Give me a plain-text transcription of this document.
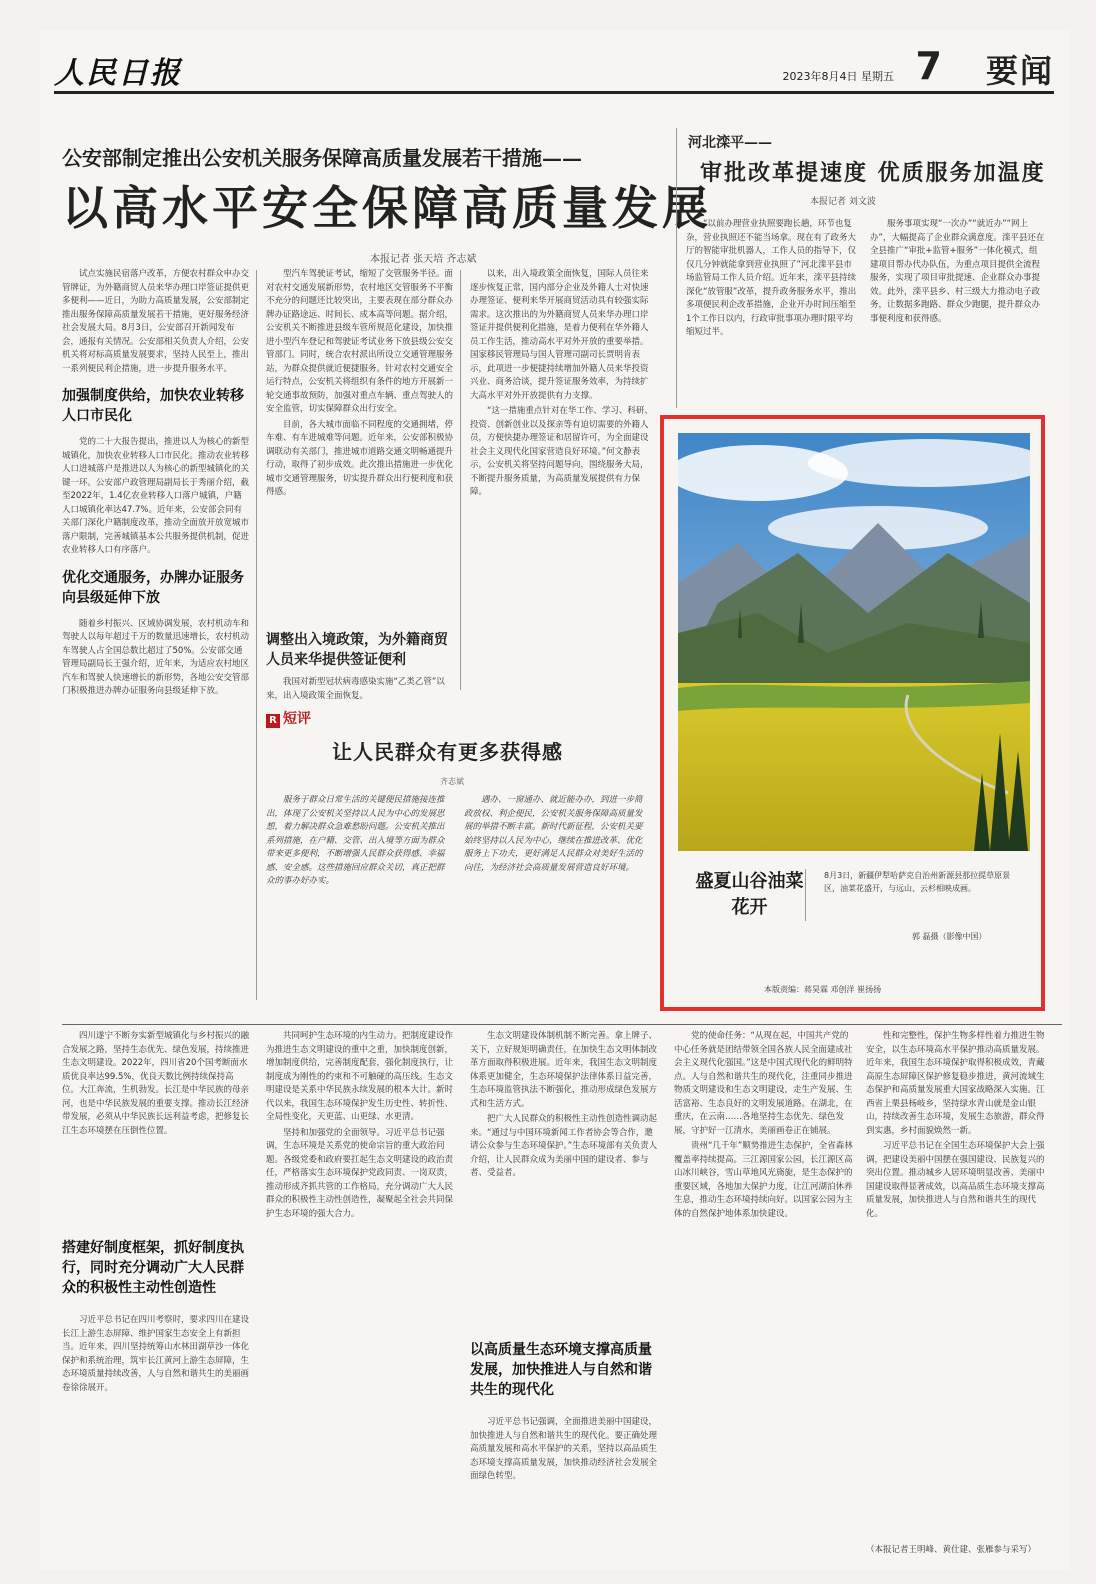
人民日报	2023年8月4日 星期五 7 要闻
公安部制定推出公安机关服务保障高质量发展若干措施——
以高水平安全保障高质量发展
本报记者 张天培 齐志斌

试点实施民宿落户改革，方便农村群众申办交管牌证，为外籍商贸人员来华办理口岸签证提供更多便利——近日，为助力高质量发展，公安部制定推出服务保障高质量发展若干措施，更好服务经济社会发展大局。8月3日，公安部召开新闻发布会，通报有关情况。公安部相关负责人介绍，公安机关将对标高质量发展要求，坚持人民至上，推出一系列便民利企措施，进一步提升服务水平。

加强制度供给，加快农业转移人口市民化

党的二十大报告提出，推进以人为核心的新型城镇化，加快农业转移人口市民化。推动农业转移人口进城落户是推进以人为核心的新型城镇化的关键一环。公安部户政管理局副局长于秀丽介绍，截至2022年，1.4亿农业转移人口落户城镇，户籍人口城镇化率达47.7%。近年来，公安部会同有关部门深化户籍制度改革，推动全面放开放宽城市落户限制，完善城镇基本公共服务提供机制，促进农业转移人口有序落户。

优化交通服务，办牌办证服务向县级延伸下放

随着乡村振兴、区域协调发展，农村机动车和驾驶人以每年超过千万的数量迅速增长，农村机动车驾驶人占全国总数比超过了50%。公安部交通管理局副局长王强介绍，近年来，为适应农村地区汽车和驾驶人快速增长的新形势，各地公安交管部门积极推进办牌办证服务向县级延伸下放。

型汽车驾驶证考试，缩短了交管服务半径。面对农村交通发展新形势，农村地区交管服务不平衡不充分的问题还比较突出，主要表现在部分群众办牌办证路途远、时间长、成本高等问题。据介绍，公安机关不断推进县级车管所规范化建设，加快推进小型汽车登记和驾驶证考试业务下放县级公安交管部门。同时，统合农村派出所设立交通管理服务站，为群众提供就近便捷服务。针对农村交通安全运行特点，公安机关将组织有条件的地方开展新一轮交通事故预防，加强对重点车辆、重点驾驶人的安全监管，切实保障群众出行安全。

目前，各大城市面临不同程度的交通拥堵，停车难、有车进城难等问题。近年来，公安部积极协调联动有关部门，推进城市道路交通文明畅通提升行动，取得了初步成效。此次推出措施进一步优化城市交通管理服务，切实提升群众出行便利度和获得感。

调整出入境政策，为外籍商贸人员来华提供签证便利

我国对新型冠状病毒感染实施“乙类乙管”以来，出入境政策全面恢复。

以来，出入境政策全面恢复，国际人员往来逐步恢复正常，国内部分企业及外籍人士对快速办理签证、便利来华开展商贸活动具有较强实际需求。这次推出的为外籍商贸人员来华办理口岸签证并提供便利化措施，是着力便利在华外籍人员工作生活，推动高水平对外开放的重要举措。国家移民管理局与国人管理司副司长贾明肯表示，此项进一步便捷持续增加外籍人员来华投资兴业、商务洽谈，提升签证服务效率，为持续扩大高水平对外开放提供有力支撑。

“这一措施重点针对在华工作、学习、科研、投资、创新创业以及探亲等有迫切需要的外籍人员，方便快捷办理签证和居留许可，为全面建设社会主义现代化国家营造良好环境。”何文静表示，公安机关将坚持问题导向，围绕服务大局，不断提升服务质量，为高质量发展提供有力保障。

R 短评
让人民群众有更多获得感
齐志斌

服务于群众日常生活的关键便民措施接连推出，体现了公安机关坚持以人民为中心的发展思想，着力解决群众急难愁盼问题。公安机关推出系列措施，在户籍、交管、出入境等方面为群众带来更多便利，不断增强人民群众获得感、幸福感、安全感。这些措施回应群众关切，真正把群众的事办好办实。

遇办、一窗通办、就近能办办，到进一步简政放权、利企便民，公安机关服务保障高质量发展的举措不断丰富。新时代新征程，公安机关要始终坚持以人民为中心，继续在推进改革、优化服务上下功夫，更好满足人民群众对美好生活的向往，为经济社会高质量发展营造良好环境。

河北滦平——
审批改革提速度 优质服务加温度
本报记者 刘文波

“以前办理营业执照要跑长趟，环节也复杂，营业执照还不能当场拿。现在有了政务大厅的智能审批机器人，工作人员的指导下，仅仅几分钟就能拿到营业执照了”河北滦平县市场监管局工作人员介绍。近年来，滦平县持续深化“放管服”改革，提升政务服务水平，推出多项便民利企改革措施，企业开办时间压缩至1个工作日以内，行政审批事项办理时限平均缩短过半。

服务事项实现“一次办”“就近办”“网上办”，大幅提高了企业群众满意度。滦平县还在全县推广“审批+监管+服务”一体化模式，组建项目帮办代办队伍，为重点项目提供全流程服务，实现了项目审批提速、企业群众办事提效。此外，滦平县乡、村三级大力推动电子政务，让数据多跑路、群众少跑腿，提升群众办事便利度和获得感。

盛夏山谷油菜花开
8月3日，新疆伊犁哈萨克自治州新源县那拉提草原景区，油菜花盛开，与远山、云杉相映成画。
郭 磊摄（影像中国）
本版责编：蒋昊霖 邓创洋 崔扬扬

四川遂宁不断夯实新型城镇化与乡村振兴的融合发展之路，坚持生态优先、绿色发展，持续推进生态文明建设。2022年，四川省20个国考断面水质优良率达99.5%，优良天数比例持续保持高位。大江奔流，生机勃发。长江是中华民族的母亲河，也是中华民族发展的重要支撑。推动长江经济带发展，必须从中华民族长远利益考虑，把修复长江生态环境摆在压倒性位置。

搭建好制度框架，抓好制度执行，同时充分调动广大人民群众的积极性主动性创造性

习近平总书记在四川考察时，要求四川在建设长江上游生态屏障、维护国家生态安全上有新担当。近年来，四川坚持统筹山水林田湖草沙一体化保护和系统治理，筑牢长江黄河上游生态屏障，生态环境质量持续改善，人与自然和谐共生的美丽画卷徐徐展开。

共同呵护生态环境的内生动力。把制度建设作为推进生态文明建设的重中之重，加快制度创新，增加制度供给，完善制度配套，强化制度执行，让制度成为刚性的约束和不可触碰的高压线。生态文明建设是关系中华民族永续发展的根本大计。新时代以来，我国生态环境保护发生历史性、转折性、全局性变化，天更蓝、山更绿、水更清。

坚持和加强党的全面领导。习近平总书记强调，生态环境是关系党的使命宗旨的重大政治问题。各级党委和政府要扛起生态文明建设的政治责任，严格落实生态环境保护党政同责、一岗双责，推动形成齐抓共管的工作格局，充分调动广大人民群众的积极性主动性创造性，凝聚起全社会共同保护生态环境的强大合力。

生态文明建设体制机制不断完善。拿上牌子、关下，立好规矩明确责任，在加快生态文明体制改革方面取得积极进展。近年来，我国生态文明制度体系更加健全，生态环境保护法律体系日益完善，生态环境监管执法不断强化，推动形成绿色发展方式和生活方式。

把广大人民群众的积极性主动性创造性调动起来。“通过与中国环境新闻工作者协会等合作，邀请公众参与生态环境保护。”生态环境部有关负责人介绍，让人民群众成为美丽中国的建设者、参与者、受益者。

以高质量生态环境支撑高质量发展，加快推进人与自然和谐共生的现代化

习近平总书记强调，全面推进美丽中国建设，加快推进人与自然和谐共生的现代化。要正确处理高质量发展和高水平保护的关系，坚持以高品质生态环境支撑高质量发展，加快推动经济社会发展全面绿色转型。

党的使命任务：“从现在起，中国共产党的中心任务就是团结带领全国各族人民全面建成社会主义现代化强国。”这是中国式现代化的鲜明特点。人与自然和谐共生的现代化，注重同步推进物质文明建设和生态文明建设，走生产发展、生活富裕、生态良好的文明发展道路。在湖北，在重庆，在云南……各地坚持生态优先、绿色发展，守护好一江清水，美丽画卷正在铺展。

贵州“几千年”顺势推进生态保护，全省森林覆盖率持续提高。三江源国家公园，长江源区高山冰川峡谷，雪山草地风光旖旎，是生态保护的重要区域，各地加大保护力度，让江河湖泊休养生息，推动生态环境持续向好。以国家公园为主体的自然保护地体系加快建设。

性和完整性，保护生物多样性着力推进生物安全，以生态环境高水平保护推动高质量发展。近年来，我国生态环境保护取得积极成效，青藏高原生态屏障区保护修复稳步推进，黄河流域生态保护和高质量发展重大国家战略深入实施。江西省上栗县杨岐乡，坚持绿水青山就是金山银山，持续改善生态环境，发展生态旅游，群众得到实惠，乡村面貌焕然一新。

习近平总书记在全国生态环境保护大会上强调，把建设美丽中国摆在强国建设、民族复兴的突出位置。推动城乡人居环境明显改善、美丽中国建设取得显著成效，以高品质生态环境支撑高质量发展，加快推进人与自然和谐共生的现代化。

（本报记者王明峰、黄仕建、张雁参与采写）
